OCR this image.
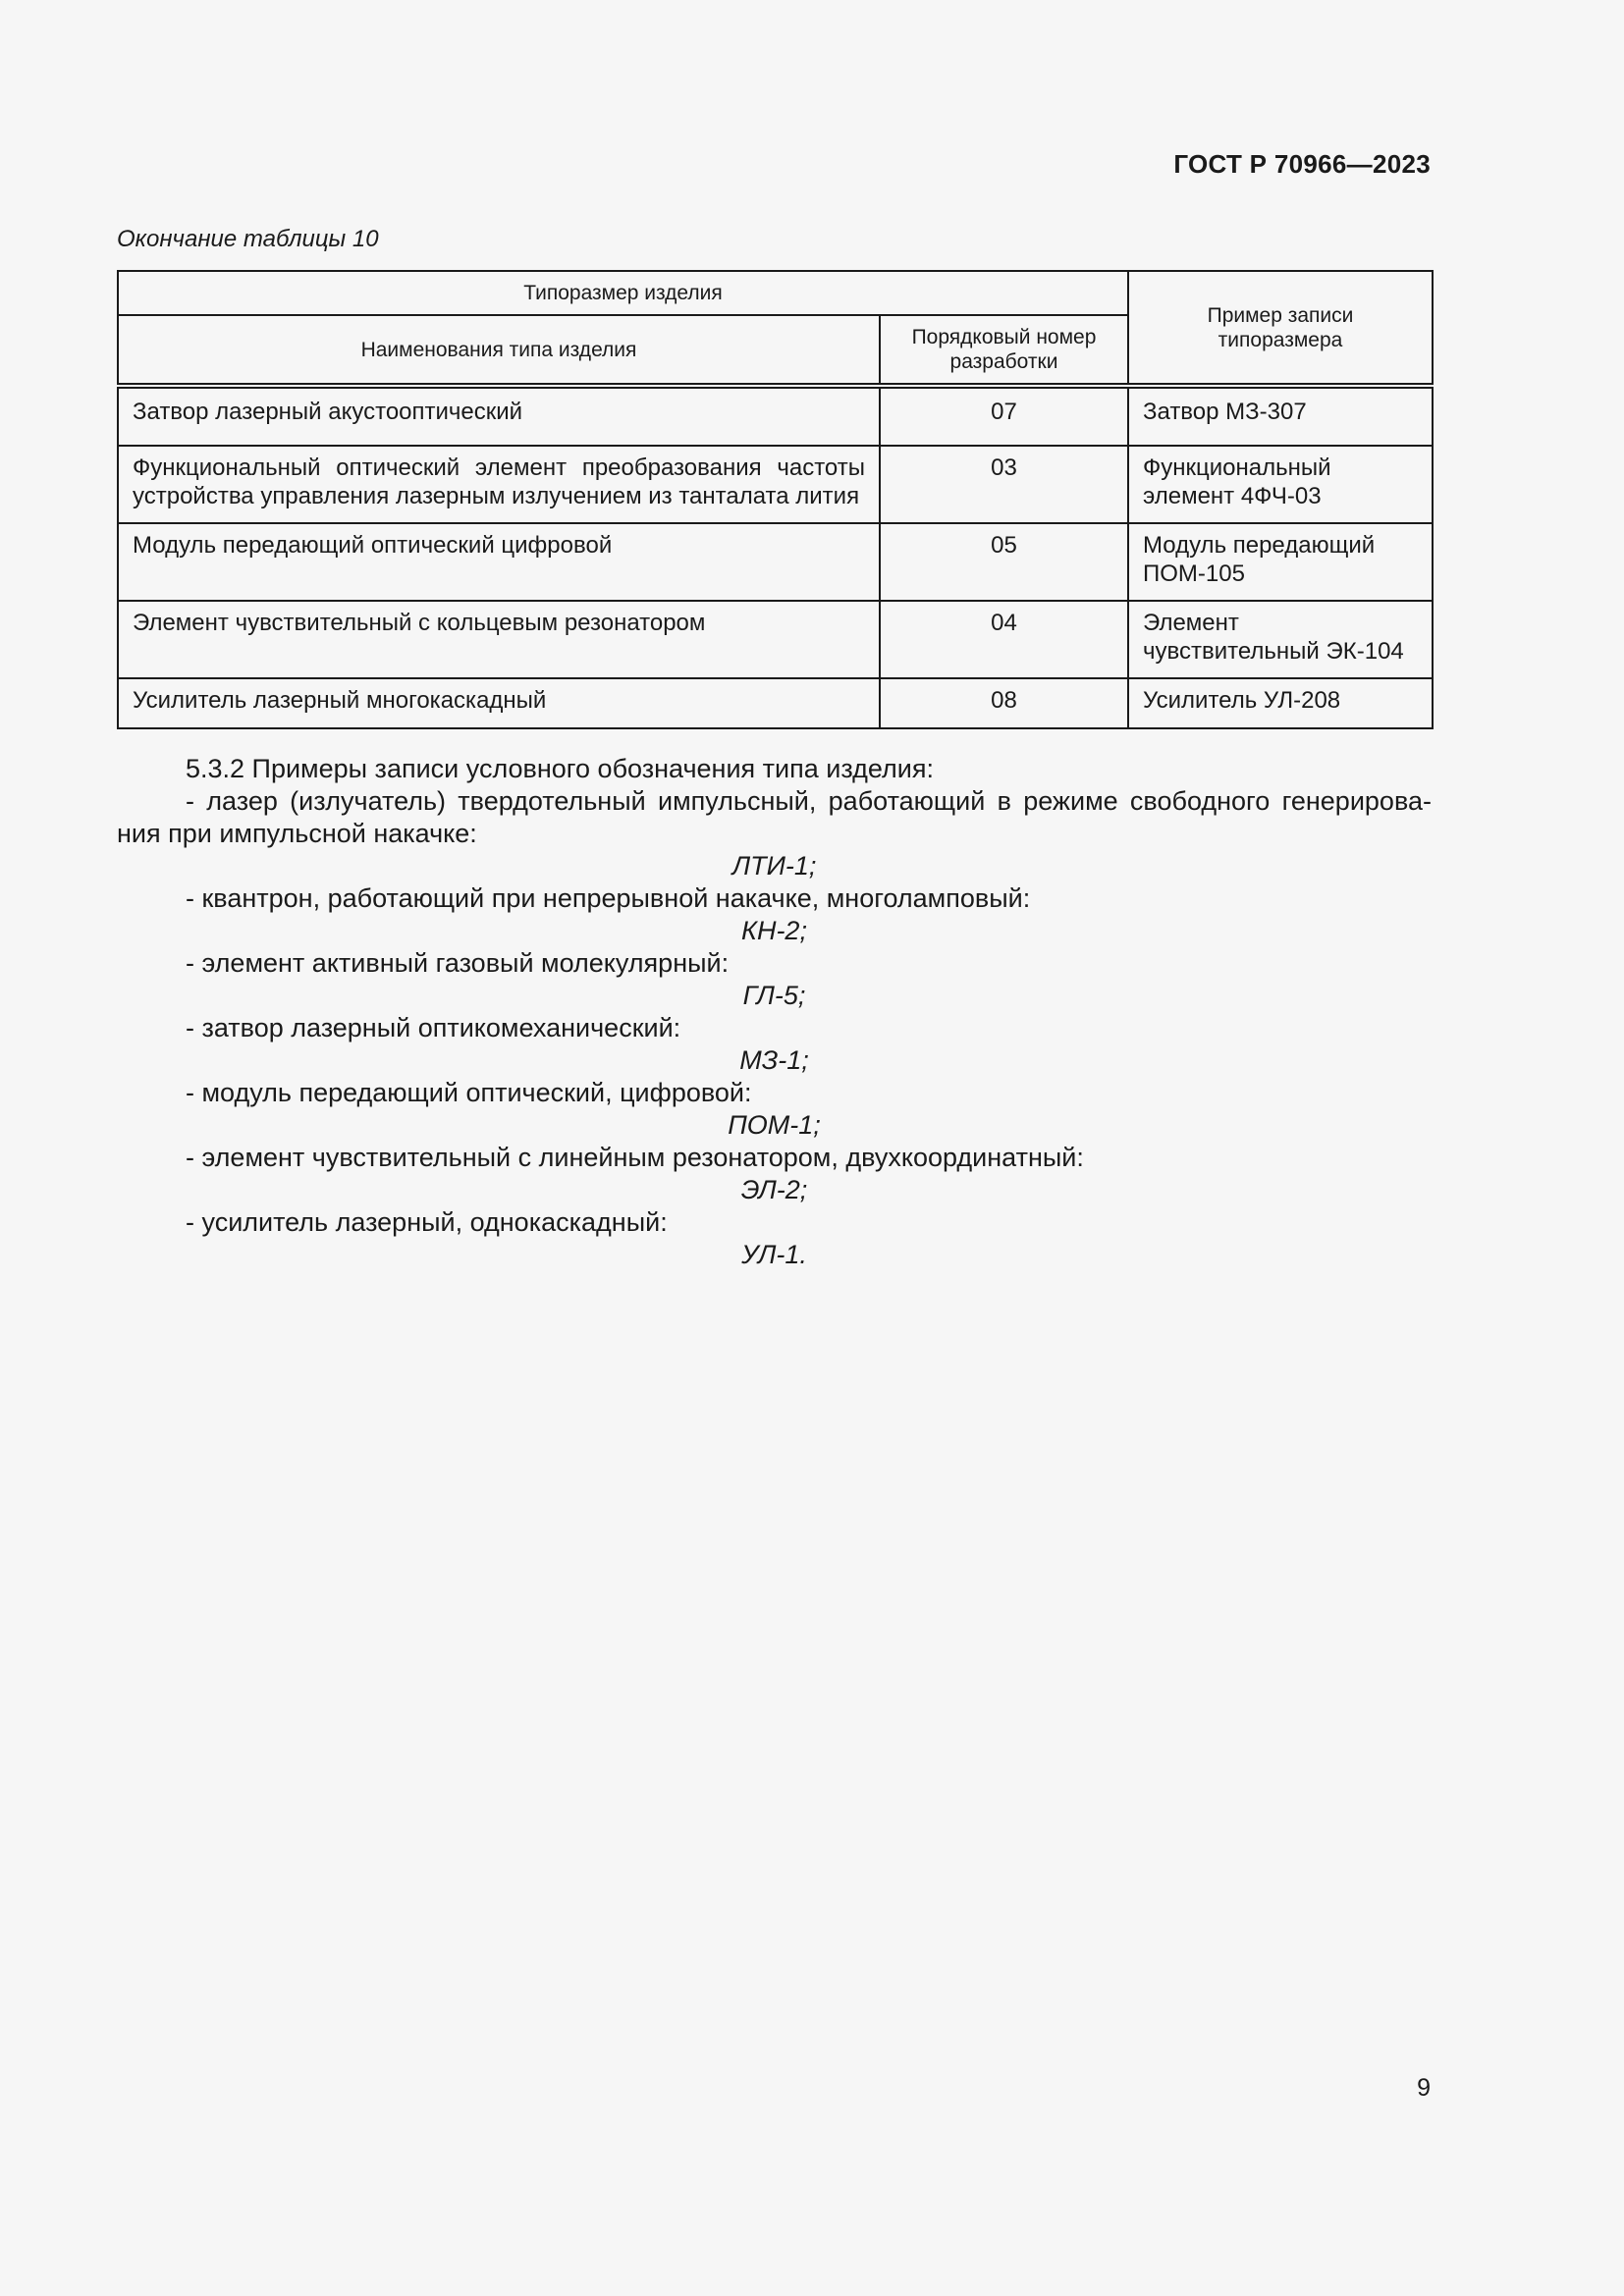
ГОСТ Р 70966—2023
Окончание таблицы 10
Типоразмер изделия		Пример записи типоразмера
Наименования типа изделия	Порядковый номер разработки	
Затвор лазерный акустооптический	07	Затвор МЗ-307
Функциональный оптический элемент преобразования частоты устройства управления лазерным излучением из танталата лития	03	Функциональный элемент 4ФЧ-03
Модуль передающий оптический цифровой	05	Модуль передающий ПОМ-105
Элемент чувствительный с кольцевым резонатором	04	Элемент чувствительный ЭК-104
Усилитель лазерный многокаскадный	08	Усилитель УЛ-208

5.3.2 Примеры записи условного обозначения типа изделия:

- лазер (излучатель) твердотельный импульсный, работающий в режиме свободного генерирова-ния при импульсной накачке:

ЛТИ-1;

- квантрон, работающий при непрерывной накачке, многоламповый:

КН-2;

- элемент активный газовый молекулярный:

ГЛ-5;

- затвор лазерный оптикомеханический:

МЗ-1;

- модуль передающий оптический, цифровой:

ПОМ-1;

- элемент чувствительный с линейным резонатором, двухкоординатный:

ЭЛ-2;

- усилитель лазерный, однокаскадный:

УЛ-1.

9
